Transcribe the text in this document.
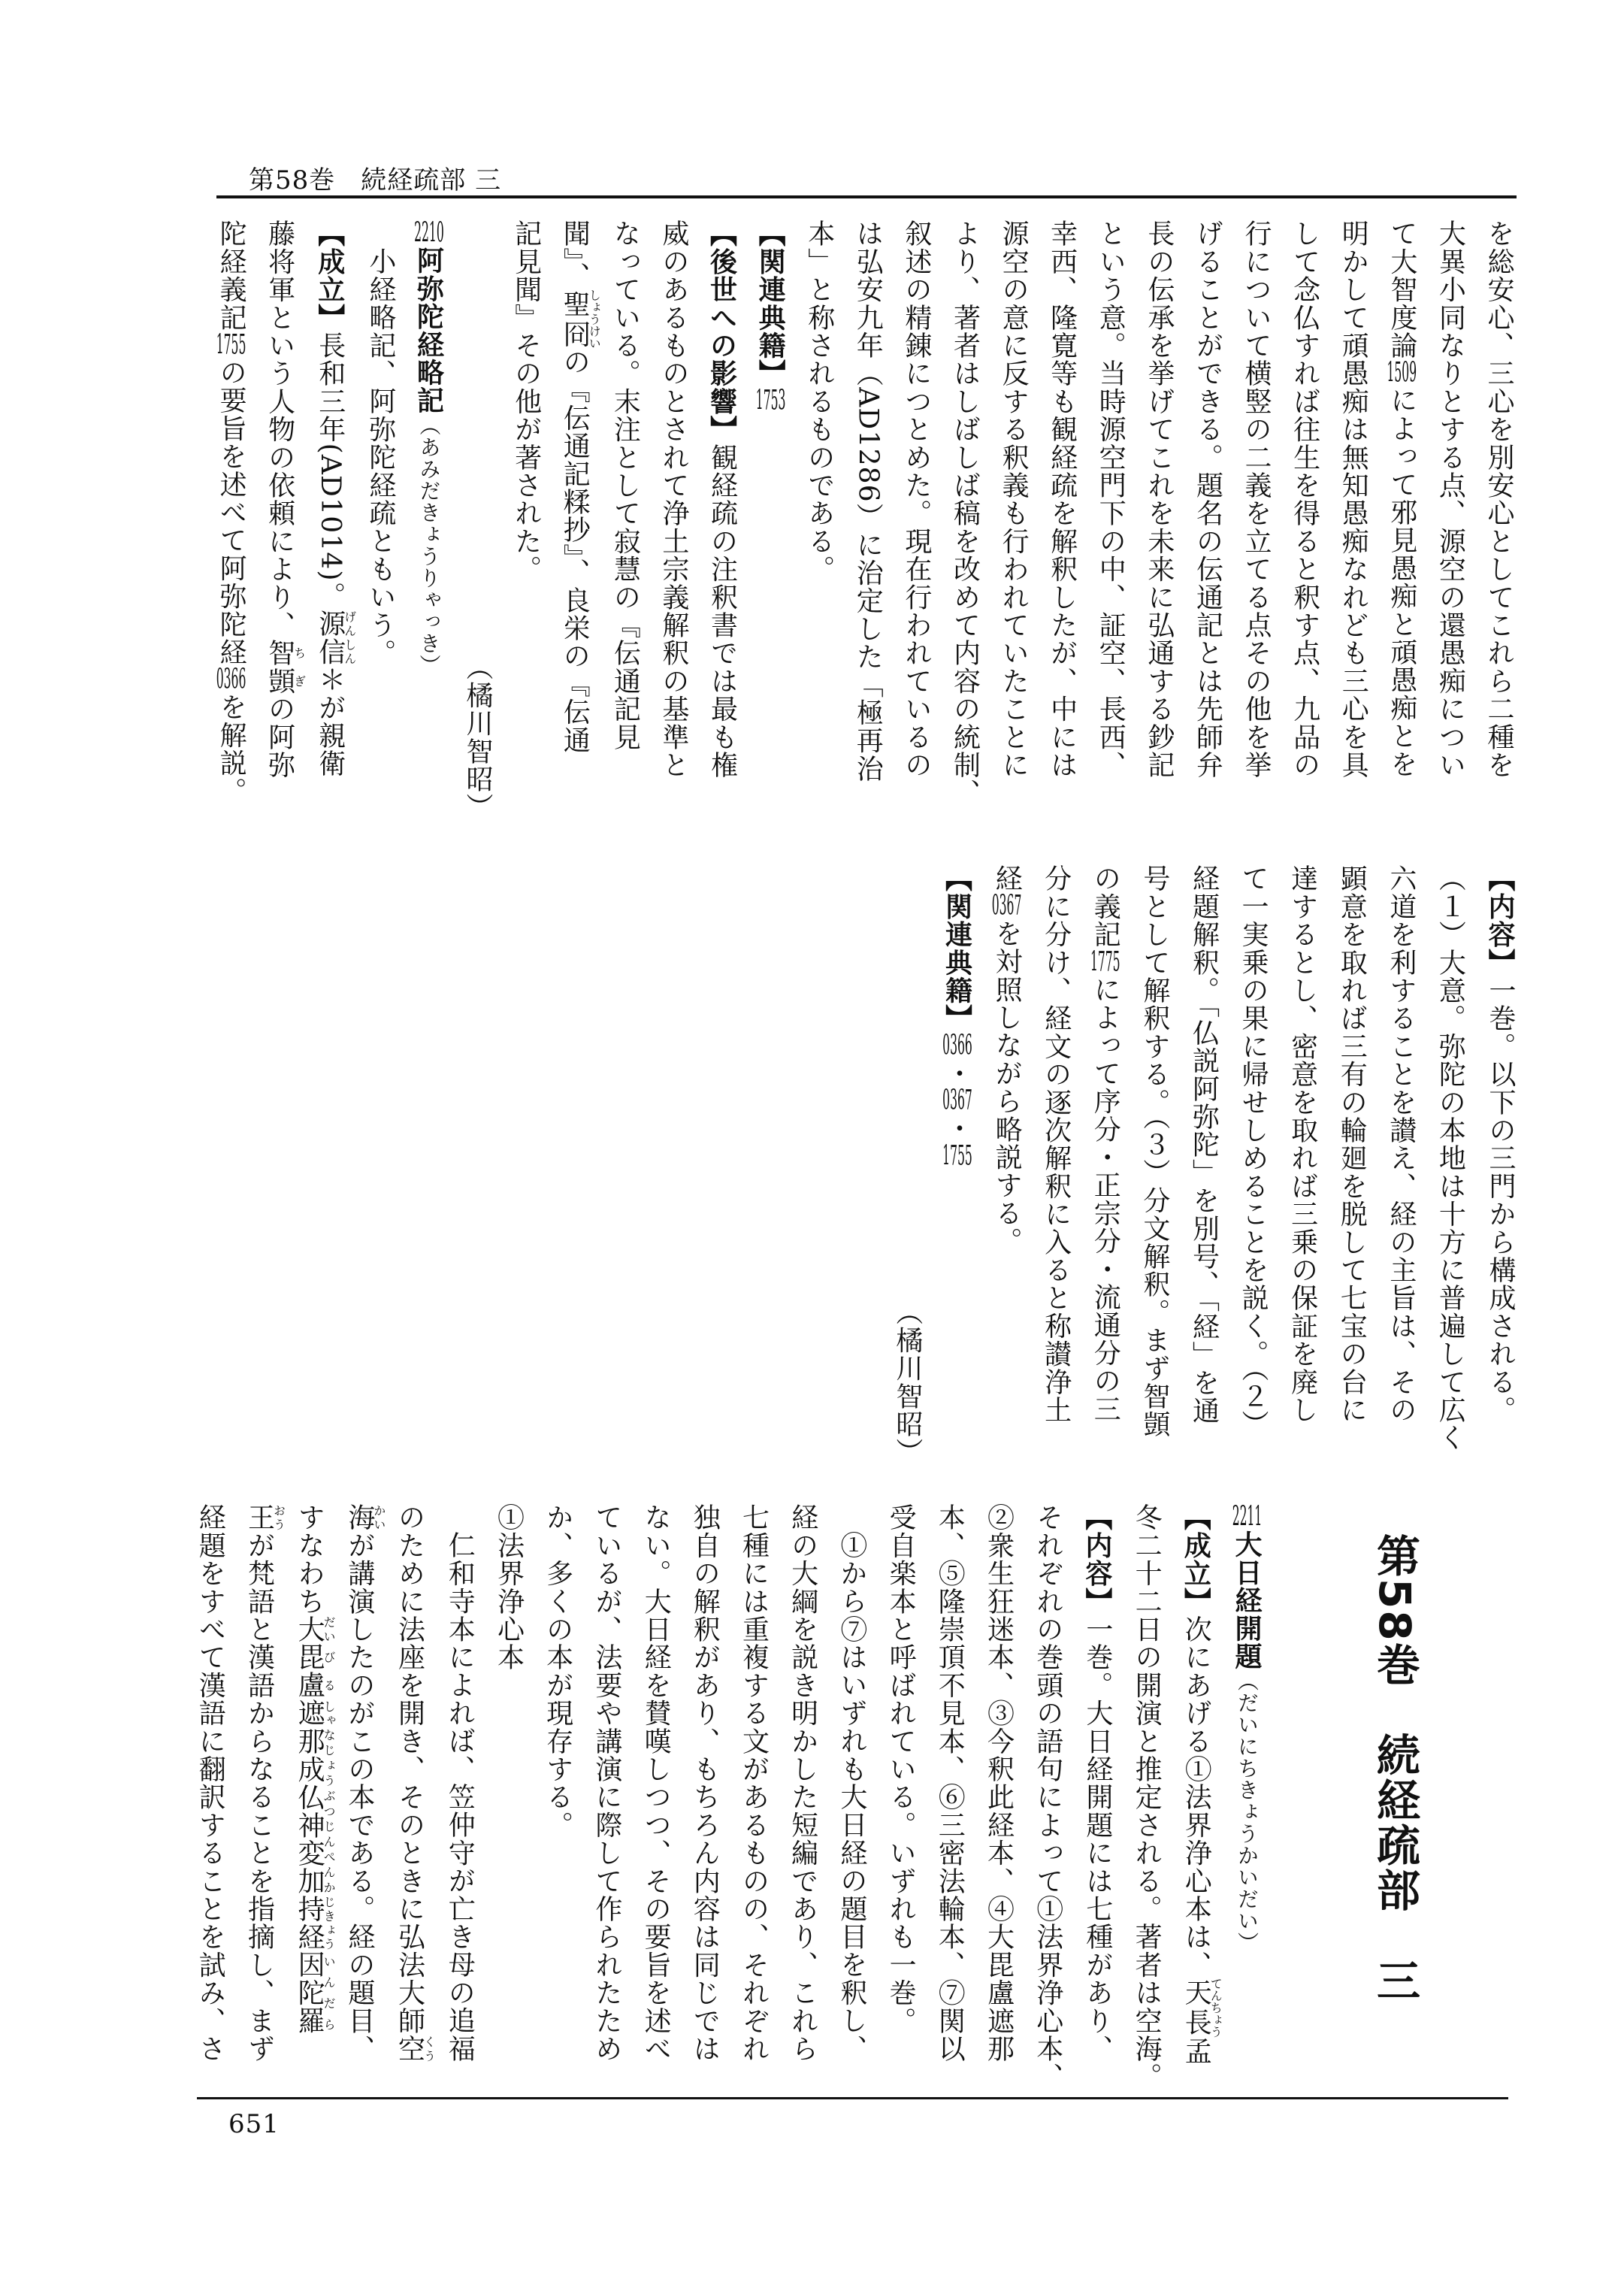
第58巻 続経疏部 三
を総安心、三心を別安心としてこれら二種を
大異小同なりとする点、源空の還愚痴につい
て大智度論1509によって邪見愚痴と頑愚痴とを
明かして頑愚痴は無知愚痴なれども三心を具
して念仏すれば往生を得ると釈す点、九品の
行について横竪の二義を立てる点その他を挙
げることができる。題名の伝通記とは先師弁
長の伝承を挙げてこれを未来に弘通する鈔記
という意。当時源空門下の中、証空、長西、
幸西、隆寛等も観経疏を解釈したが、中には
源空の意に反する釈義も行われていたことに
より、著者はしばしば稿を改めて内容の統制、
叙述の精錬につとめた。現在行われているの
は弘安九年（AD1286）に治定した「極再治
本」と称されるものである。
【関連典籍】1753
【後世への影響】観経疏の注釈書では最も権
威のあるものとされて浄土宗義解釈の基準と
なっている。末注として寂慧の『伝通記見
聞』、聖冏しょうけいの『伝通記糅抄』、良栄の『伝通
記見聞』その他が著された。
（橘川智昭）
2210阿弥陀経略記（あみだきょうりゃっき）
小経略記、阿弥陀経疏ともいう。
【成立】長和三年(AD1014)。源信げんしん＊が親衛
藤将軍という人物の依頼により、智顗ちぎの阿弥
陀経義記1755の要旨を述べて阿弥陀経0366を解説。
【内容】一巻。以下の三門から構成される。
（１）大意。弥陀の本地は十方に普遍して広く
六道を利することを讃え、経の主旨は、その
顕意を取れば三有の輪廻を脱して七宝の台に
達するとし、密意を取れば三乗の保証を廃し
て一実乗の果に帰せしめることを説く。（２）
経題解釈。「仏説阿弥陀」を別号、「経」を通
号として解釈する。（３）分文解釈。まず智顗
の義記1775によって序分・正宗分・流通分の三
分に分け、経文の逐次解釈に入ると称讃浄土
経0367を対照しながら略説する。
【関連典籍】0366・0367・1755
（橘川智昭）
第58巻　続経疏部　三
2211大日経開題（だいにちきょうかいだい）
【成立】次にあげる①法界浄心本は、天長てんちょう孟
冬二十二日の開演と推定される。著者は空海。
【内容】一巻。大日経開題には七種があり、
それぞれの巻頭の語句によって①法界浄心本、
②衆生狂迷本、③今釈此経本、④大毘盧遮那
本、⑤隆崇頂不見本、⑥三密法輪本、⑦関以
受自楽本と呼ばれている。いずれも一巻。
①から⑦はいずれも大日経の題目を釈し、
経の大綱を説き明かした短編であり、これら
七種には重複する文があるものの、それぞれ
独自の解釈があり、もちろん内容は同じでは
ない。大日経を賛嘆しつつ、その要旨を述べ
ているが、法要や講演に際して作られたため
か、多くの本が現存する。
①法界浄心本
仁和寺本によれば、笠仲守が亡き母の追福
のために法座を開き、そのときに弘法大師空くう
海かいが講演したのがこの本である。経の題目、
すなわち大だい毘び盧る遮しゃ那成仏神変加なじょうぶつじんぺんか持経じきょう因陀羅いんだら
王おうが梵語と漢語からなることを指摘し、まず
経題をすべて漢語に翻訳することを試み、さ
651
